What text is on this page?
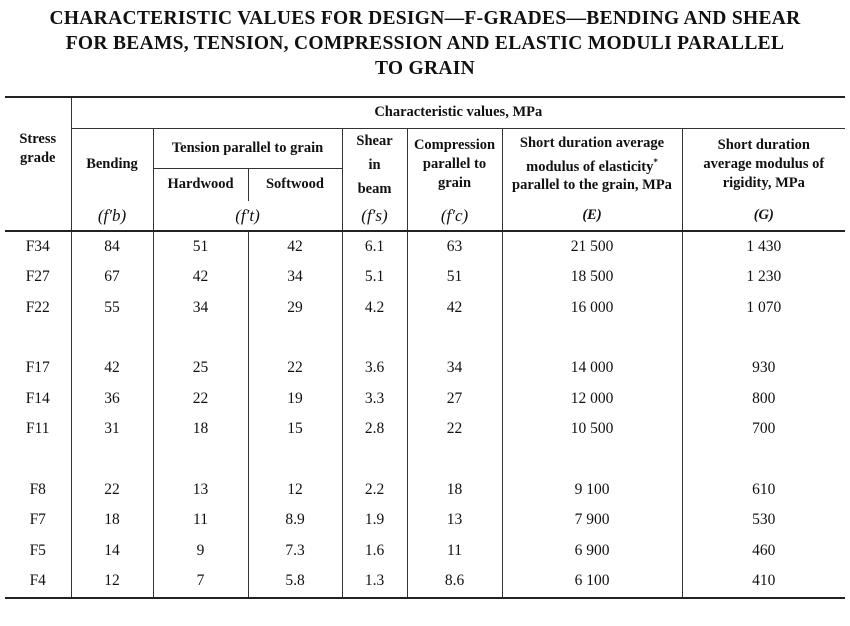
CHARACTERISTIC VALUES FOR DESIGN—F-GRADES—BENDING AND SHEAR
FOR BEAMS, TENSION, COMPRESSION AND ELASTIC MODULI PARALLEL
TO GRAIN
Stress grade	Characteristic values, MPa						
	Bending	Tension parallel to grain		Shear in beam	Compression parallel to grain	Short duration average modulus of elasticity* parallel to the grain, MPa	Short duration average modulus of rigidity, MPa
		Hardwood	Softwood				
	(f′b)	(f′t)		(f′s)	(f′c)	(E)	(G)
F34	84	51	42	6.1	63	21 500	1 430
F27	67	42	34	5.1	51	18 500	1 230
F22	55	34	29	4.2	42	16 000	1 070

F17	42	25	22	3.6	34	14 000	930
F14	36	22	19	3.3	27	12 000	800
F11	31	18	15	2.8	22	10 500	700

F8	22	13	12	2.2	18	9 100	610
F7	18	11	8.9	1.9	13	7 900	530
F5	14	9	7.3	1.6	11	6 900	460
F4	12	7	5.8	1.3	8.6	6 100	410
